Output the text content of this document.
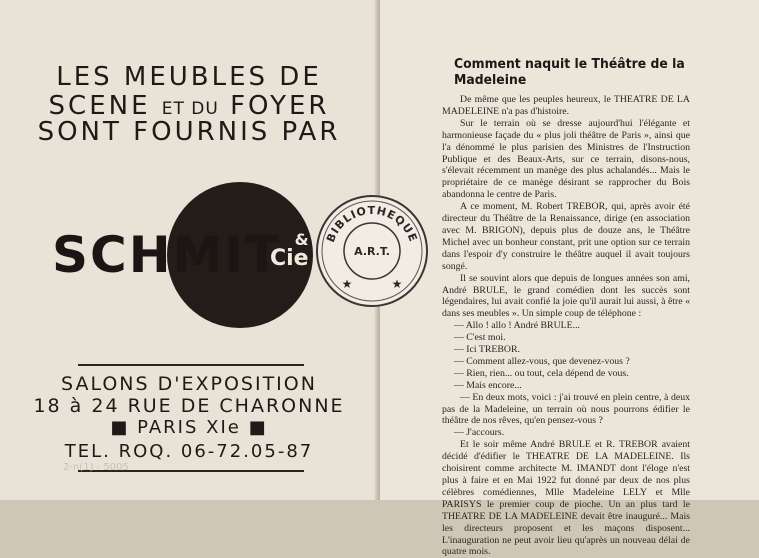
LES MEUBLES DE
SCENE ET DU FOYER
SONT FOURNIS PAR
SCHMIT &
Cie
SALONS D'EXPOSITION
18 à 24 RUE DE CHARONNE
■ PARIS XIe ■
TEL. ROQ. 06-72.05-87
2-n(1) - 5005
BIBLIOTHEQUE
A.R.T.
★	★
Comment naquit le Théâtre de la Madeleine

De même que les peuples heureux, le THEATRE DE LA MADELEINE n'a pas d'histoire.

Sur le terrain où se dresse aujourd'hui l'élégante et harmonieuse façade du « plus joli théâtre de Paris », ainsi que l'a dénommé le plus parisien des Ministres de l'Instruction Publique et des Beaux-Arts, sur ce terrain, disons-nous, s'élevait récemment un manège des plus achalandés... Mais le propriétaire de ce manège désirant se rapprocher du Bois abandonna le centre de Paris.

A ce moment, M. Robert TREBOR, qui, après avoir été directeur du Théâtre de la Renaissance, dirige (en association avec M. BRIGON), depuis plus de douze ans, le Théâtre Michel avec un bonheur constant, prit une option sur ce terrain dans l'espoir d'y construire le théâtre auquel il avait toujours songé.

Il se souvint alors que depuis de longues années son ami, André BRULE, le grand comédien dont les succès sont légendaires, lui avait confié la joie qu'il aurait lui aussi, à être « dans ses meubles ». Un simple coup de téléphone :

— Allo ! allo ! André BRULE...

— C'est moi.

— Ici TREBOR.

— Comment allez-vous, que devenez-vous ?

— Rien, rien... ou tout, cela dépend de vous.

— Mais encore...

— En deux mots, voici : j'ai trouvé en plein centre, à deux pas de la Madeleine, un terrain où nous pourrons édifier le théâtre de nos rêves, qu'en pensez-vous ?

— J'accours.

Et le soir même André BRULE et R. TREBOR avaient décidé d'édifier le THEATRE DE LA MADELEINE. Ils choisirent comme architecte M. IMANDT dont l'éloge n'est plus à faire et en Mai 1922 fut donné par deux de nos plus célèbres comédiennes, Mlle Madeleine LELY et Mlle PARISYS le premier coup de pioche. Un an plus tard le THEATRE DE LA MADELEINE devait être inauguré... Mais les directeurs proposent et les maçons disposent... L'inauguration ne peut avoir lieu qu'après un nouveau délai de quatre mois.
